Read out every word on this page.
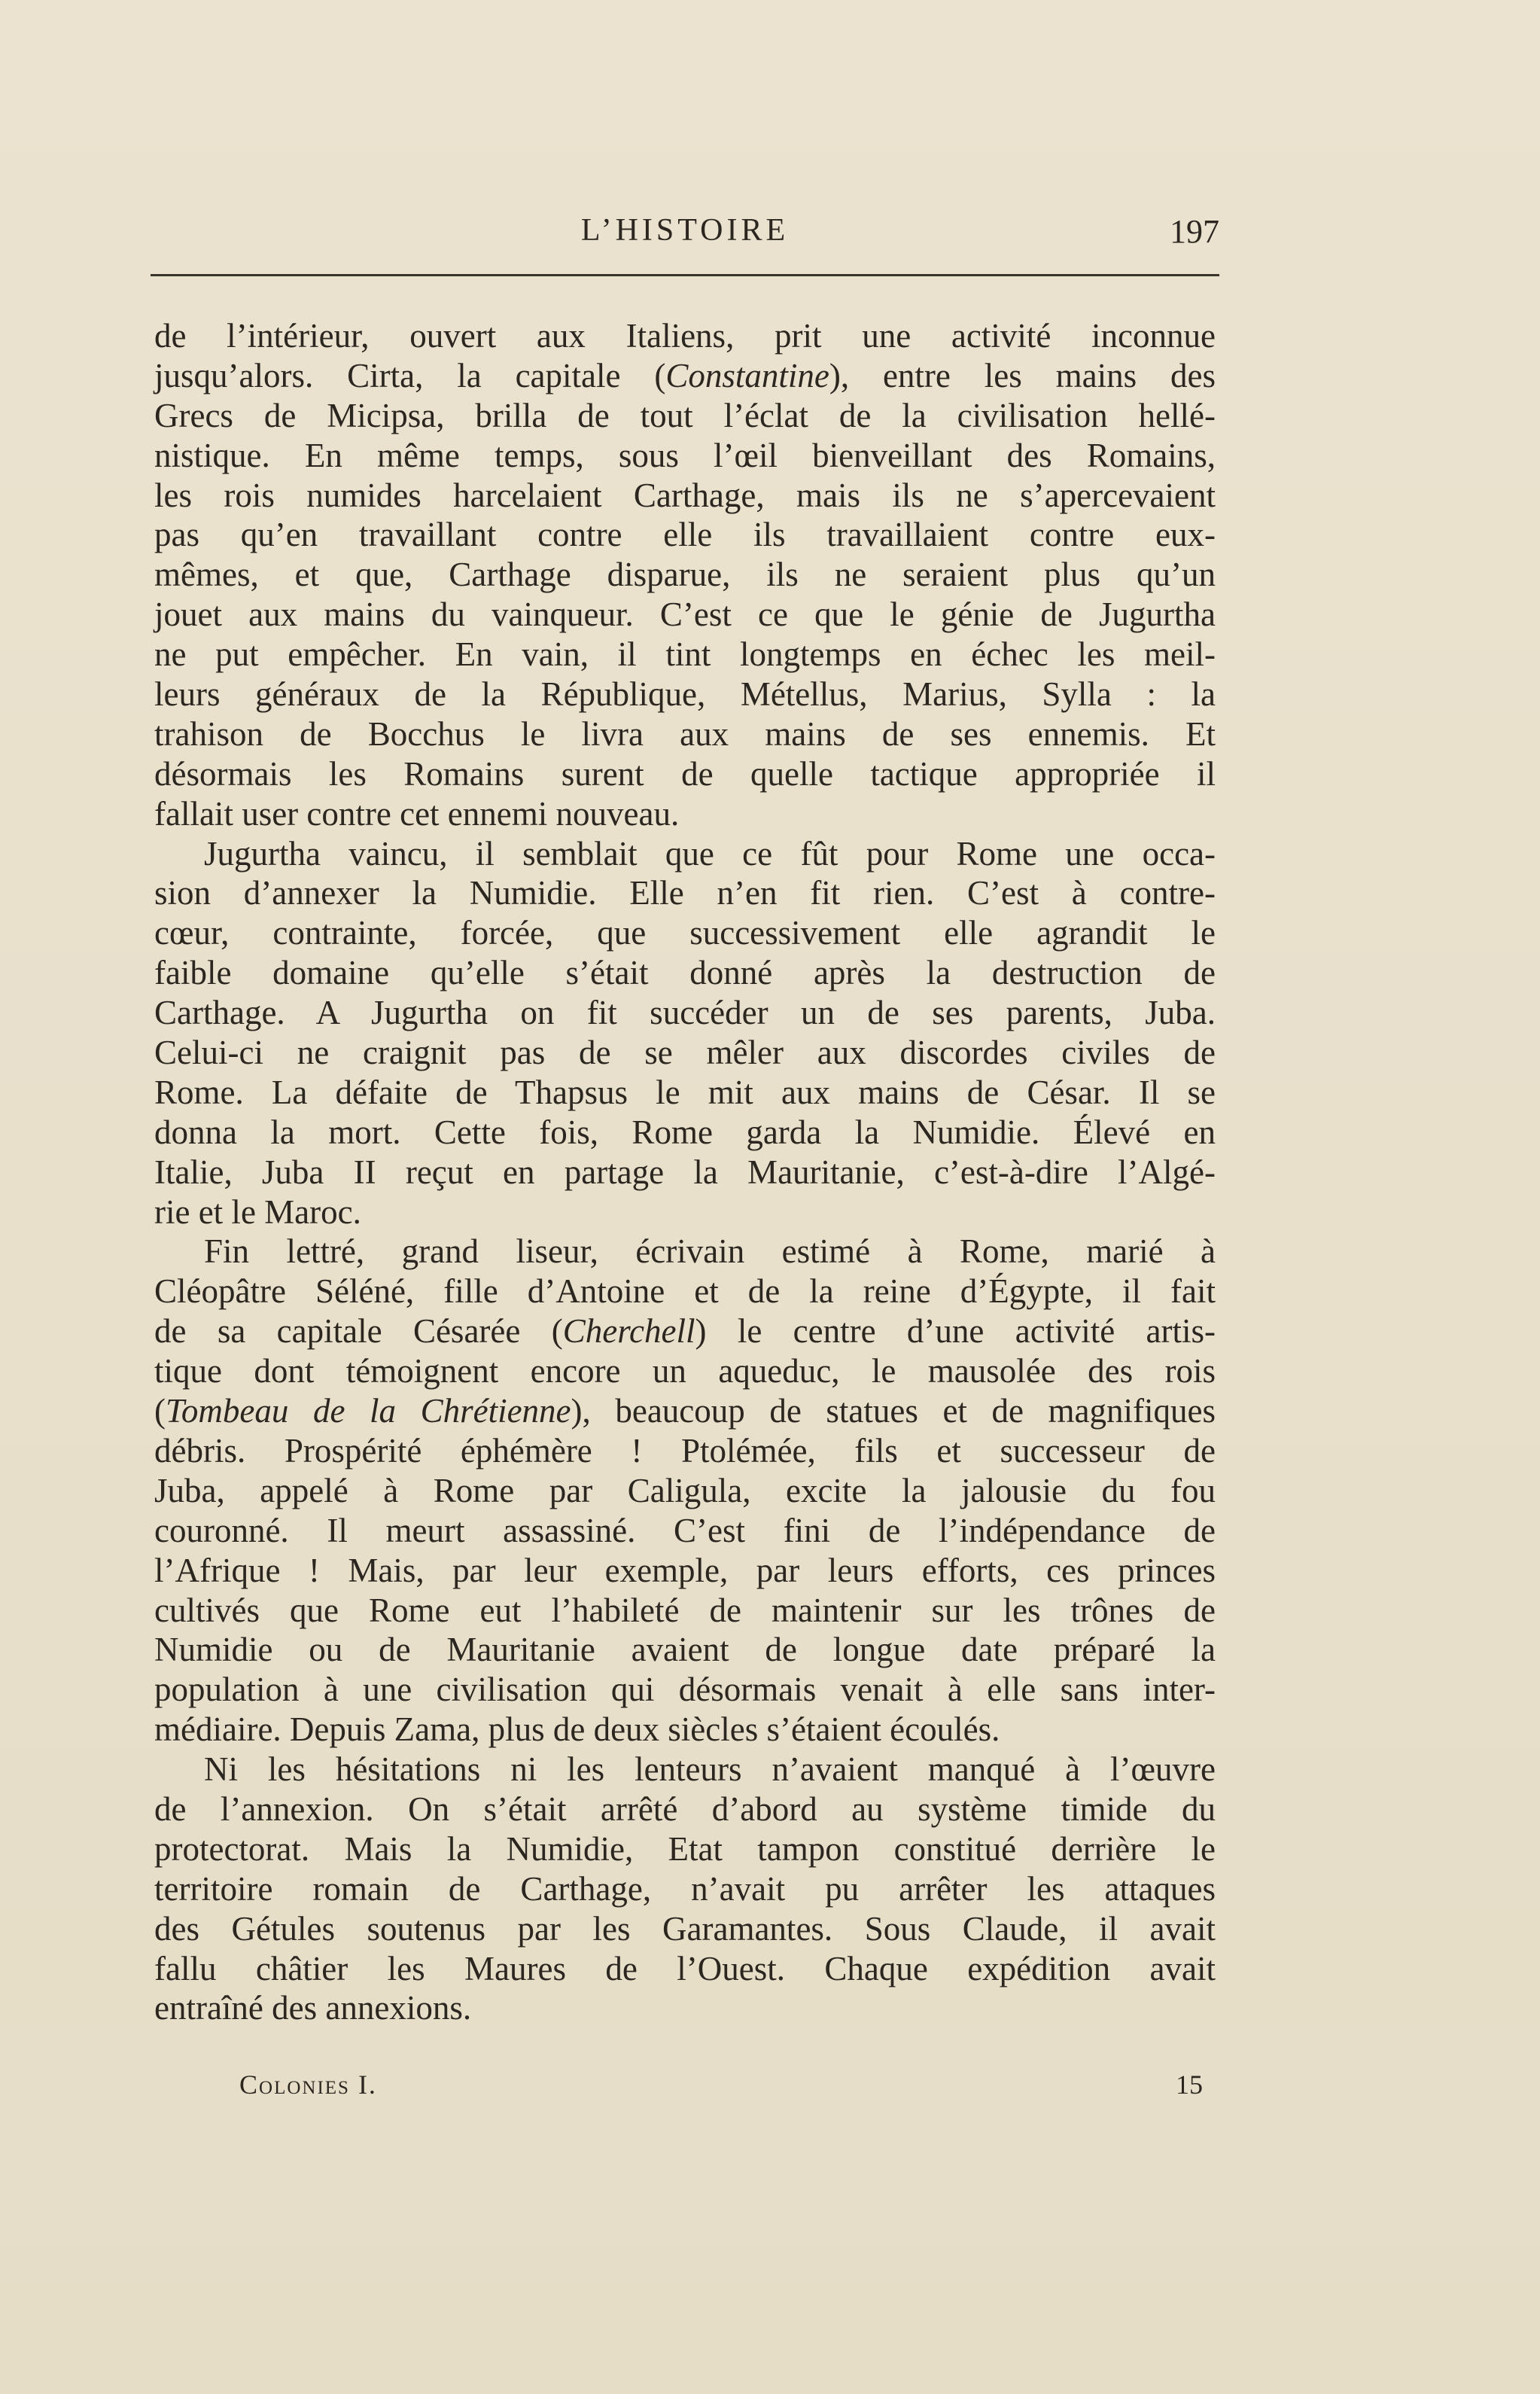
L’HISTOIRE	197
de l’intérieur, ouvert aux Italiens, prit une activité inconnue
jusqu’alors. Cirta, la capitale (Constantine), entre les mains des
Grecs de Micipsa, brilla de tout l’éclat de la civilisation hellé-
nistique. En même temps, sous l’œil bienveillant des Romains,
les rois numides harcelaient Carthage, mais ils ne s’apercevaient
pas qu’en travaillant contre elle ils travaillaient contre eux-
mêmes, et que, Carthage disparue, ils ne seraient plus qu’un
jouet aux mains du vainqueur. C’est ce que le génie de Jugurtha
ne put empêcher. En vain, il tint longtemps en échec les meil-
leurs généraux de la République, Métellus, Marius, Sylla : la
trahison de Bocchus le livra aux mains de ses ennemis. Et
désormais les Romains surent de quelle tactique appropriée il
fallait user contre cet ennemi nouveau.
Jugurtha vaincu, il semblait que ce fût pour Rome une occa-
sion d’annexer la Numidie. Elle n’en fit rien. C’est à contre-
cœur, contrainte, forcée, que successivement elle agrandit le
faible domaine qu’elle s’était donné après la destruction de
Carthage. A Jugurtha on fit succéder un de ses parents, Juba.
Celui-ci ne craignit pas de se mêler aux discordes civiles de
Rome. La défaite de Thapsus le mit aux mains de César. Il se
donna la mort. Cette fois, Rome garda la Numidie. Élevé en
Italie, Juba II reçut en partage la Mauritanie, c’est-à-dire l’Algé-
rie et le Maroc.
Fin lettré, grand liseur, écrivain estimé à Rome, marié à
Cléopâtre Séléné, fille d’Antoine et de la reine d’Égypte, il fait
de sa capitale Césarée (Cherchell) le centre d’une activité artis-
tique dont témoignent encore un aqueduc, le mausolée des rois
(Tombeau de la Chrétienne), beaucoup de statues et de magnifiques
débris. Prospérité éphémère ! Ptolémée, fils et successeur de
Juba, appelé à Rome par Caligula, excite la jalousie du fou
couronné. Il meurt assassiné. C’est fini de l’indépendance de
l’Afrique ! Mais, par leur exemple, par leurs efforts, ces princes
cultivés que Rome eut l’habileté de maintenir sur les trônes de
Numidie ou de Mauritanie avaient de longue date préparé la
population à une civilisation qui désormais venait à elle sans inter-
médiaire. Depuis Zama, plus de deux siècles s’étaient écoulés.
Ni les hésitations ni les lenteurs n’avaient manqué à l’œuvre
de l’annexion. On s’était arrêté d’abord au système timide du
protectorat. Mais la Numidie, Etat tampon constitué derrière le
territoire romain de Carthage, n’avait pu arrêter les attaques
des Gétules soutenus par les Garamantes. Sous Claude, il avait
fallu châtier les Maures de l’Ouest. Chaque expédition avait
entraîné des annexions.
Colonies I.	15
